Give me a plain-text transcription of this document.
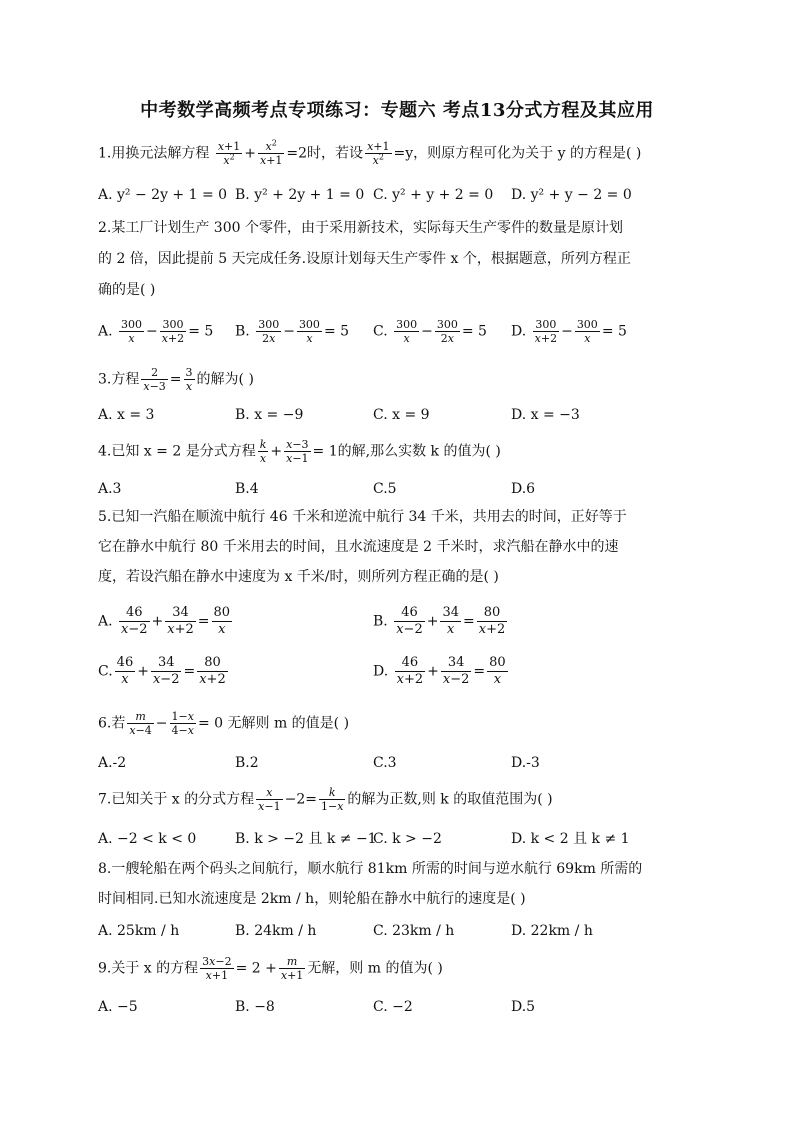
中考数学高频考点专项练习：专题六 考点13分式方程及其应用
1.用换元法解方程 $\frac{x+1}{x^2} + \frac{x^2}{x+1} =2$时，若设 $\frac{x+1}{x^2} =y$，则原方程可化为关于 y 的方程是( )
A. y² − 2y + 1 = 0 B. y² + 2y + 1 = 0 C. y² + y + 2 = 0 D. y² + y − 2 = 0
2.某工厂计划生产 300 个零件，由于采用新技术，实际每天生产零件的数量是原计划
的 2 倍，因此提前 5 天完成任务.设原计划每天生产零件 x 个，根据题意，所列方程正
确的是( )
A. $\frac{300}{x} - \frac{300}{x+2} = 5$ B. $\frac{300}{2x} - \frac{300}{x} = 5$ C. $\frac{300}{x} - \frac{300}{2x} = 5$ D. $\frac{300}{x+2} - \frac{300}{x} = 5$
3.方程 $\frac{2}{x-3} = \frac{3}{x}$ 的解为( )
A. x = 3	B. x = −9	C. x = 9	D. x = −3
4.已知 x = 2 是分式方程 $\frac{k}{x} + \frac{x-3}{x-1} = 1$的解,那么实数 k 的值为( )
A.3	B.4	C.5	D.6
5.已知一汽船在顺流中航行 46 千米和逆流中航行 34 千米，共用去的时间，正好等于
它在静水中航行 80 千米用去的时间，且水流速度是 2 千米时，求汽船在静水中的速
度，若设汽船在静水中速度为 x 千米/时，则所列方程正确的是( )
A. $\frac{46}{x-2} + \frac{34}{x+2} = \frac{80}{x}$	B. $\frac{46}{x-2} + \frac{34}{x} = \frac{80}{x+2}$
C. $\frac{46}{x} + \frac{34}{x-2} = \frac{80}{x+2}$	D. $\frac{46}{x+2} + \frac{34}{x-2} = \frac{80}{x}$
6.若 $\frac{m}{x-4} - \frac{1-x}{4-x} = 0$ 无解则 m 的值是( )
A.-2	B.2	C.3	D.-3
7.已知关于 x 的分式方程 $\frac{x}{x-1} -2= \frac{k}{1-x}$ 的解为正数,则 k 的取值范围为( )
A. −2 < k < 0	B. k > −2 且 k ≠ −1
C. k > −2	D. k < 2 且 k ≠ 1
8.一艘轮船在两个码头之间航行，顺水航行 81km 所需的时间与逆水航行 69km 所需的
时间相同.已知水流速度是 2km / h，则轮船在静水中航行的速度是( )
A. 25km / h	B. 24km / h	C. 23km / h	D. 22km / h
9.关于 x 的方程 $\frac{3x-2}{x+1} = 2 + \frac{m}{x+1}$ 无解，则 m 的值为( )
A. −5	B. −8	C. −2	D.5
